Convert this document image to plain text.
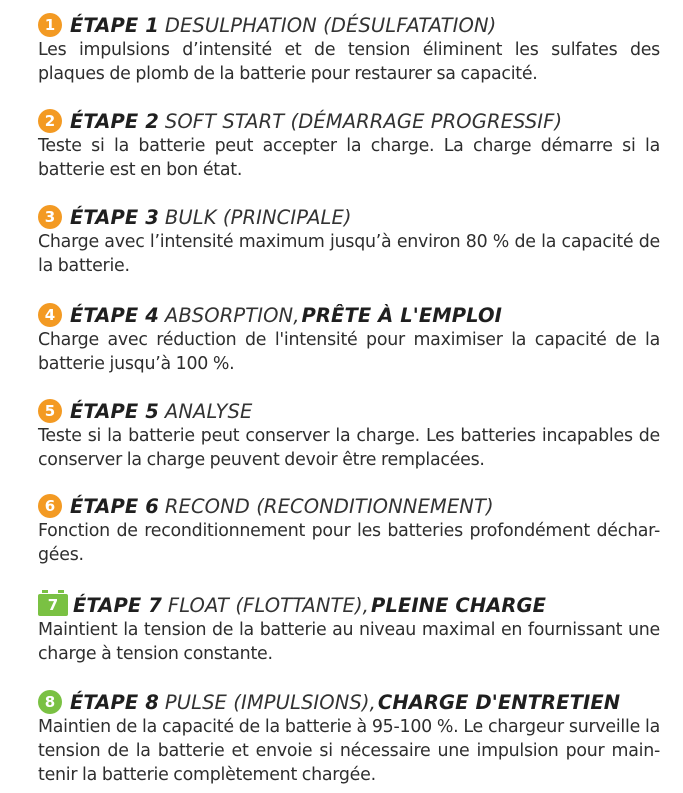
1 ÉTAPE 1 DESULPHATION (DÉSULFATATION)

Les impulsions d’intensité et de tension éliminent les sulfates des plaques de plomb de la batterie pour restaurer sa capacité.

2 ÉTAPE 2 SOFT START (DÉMARRAGE PROGRESSIF)

Teste si la batterie peut accepter la charge. La charge démarre si la batterie est en bon état.

3 ÉTAPE 3 BULK (PRINCIPALE)

Charge avec l’intensité maximum jusqu’à environ 80 % de la capacité de la batterie.

4 ÉTAPE 4 ABSORPTION, PRÊTE À L'EMPLOI

Charge avec réduction de l'intensité pour maximiser la capacité de la batterie jusqu’à 100 %.

5 ÉTAPE 5 ANALYSE

Teste si la batterie peut conserver la charge. Les batteries incapables de conserver la charge peuvent devoir être remplacées.

6 ÉTAPE 6 RECOND (RECONDITIONNEMENT)

Fonction de reconditionnement pour les batteries profondément déchar- gées.

7 ÉTAPE 7 FLOAT (FLOTTANTE), PLEINE CHARGE

Maintient la tension de la batterie au niveau maximal en fournissant une charge à tension constante.

8 ÉTAPE 8 PULSE (IMPULSIONS), CHARGE D'ENTRETIEN

Maintien de la capacité de la batterie à 95-100 %. Le chargeur surveille la tension de la batterie et envoie si nécessaire une impulsion pour main- tenir la batterie complètement chargée.
